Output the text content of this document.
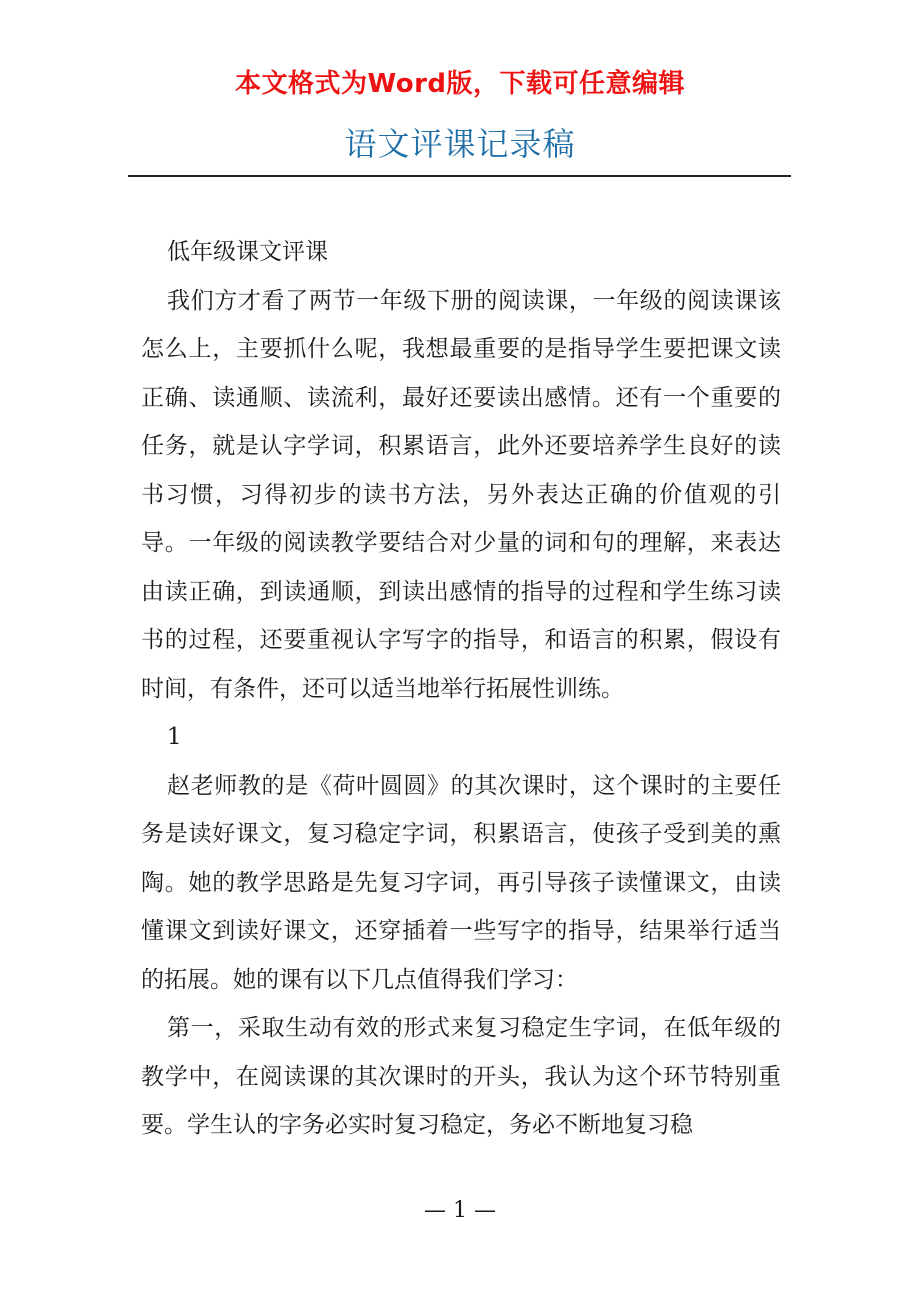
本文格式为Word版，下载可任意编辑
语文评课记录稿

低年级课文评课

我们方才看了两节一年级下册的阅读课，一年级的阅读课该怎么上，主要抓什么呢，我想最重要的是指导学生要把课文读正确、读通顺、读流利，最好还要读出感情。还有一个重要的任务，就是认字学词，积累语言，此外还要培养学生良好的读书习惯，习得初步的读书方法，另外表达正确的价值观的引导。一年级的阅读教学要结合对少量的词和句的理解，来表达由读正确，到读通顺，到读出感情的指导的过程和学生练习读书的过程，还要重视认字写字的指导，和语言的积累，假设有时间，有条件，还可以适当地举行拓展性训练。

1

赵老师教的是《荷叶圆圆》的其次课时，这个课时的主要任务是读好课文，复习稳定字词，积累语言，使孩子受到美的熏陶。她的教学思路是先复习字词，再引导孩子读懂课文，由读懂课文到读好课文，还穿插着一些写字的指导，结果举行适当的拓展。她的课有以下几点值得我们学习：

第一，采取生动有效的形式来复习稳定生字词，在低年级的教学中，在阅读课的其次课时的开头，我认为这个环节特别重要。学生认的字务必实时复习稳定，务必不断地复习稳

— 1 —
